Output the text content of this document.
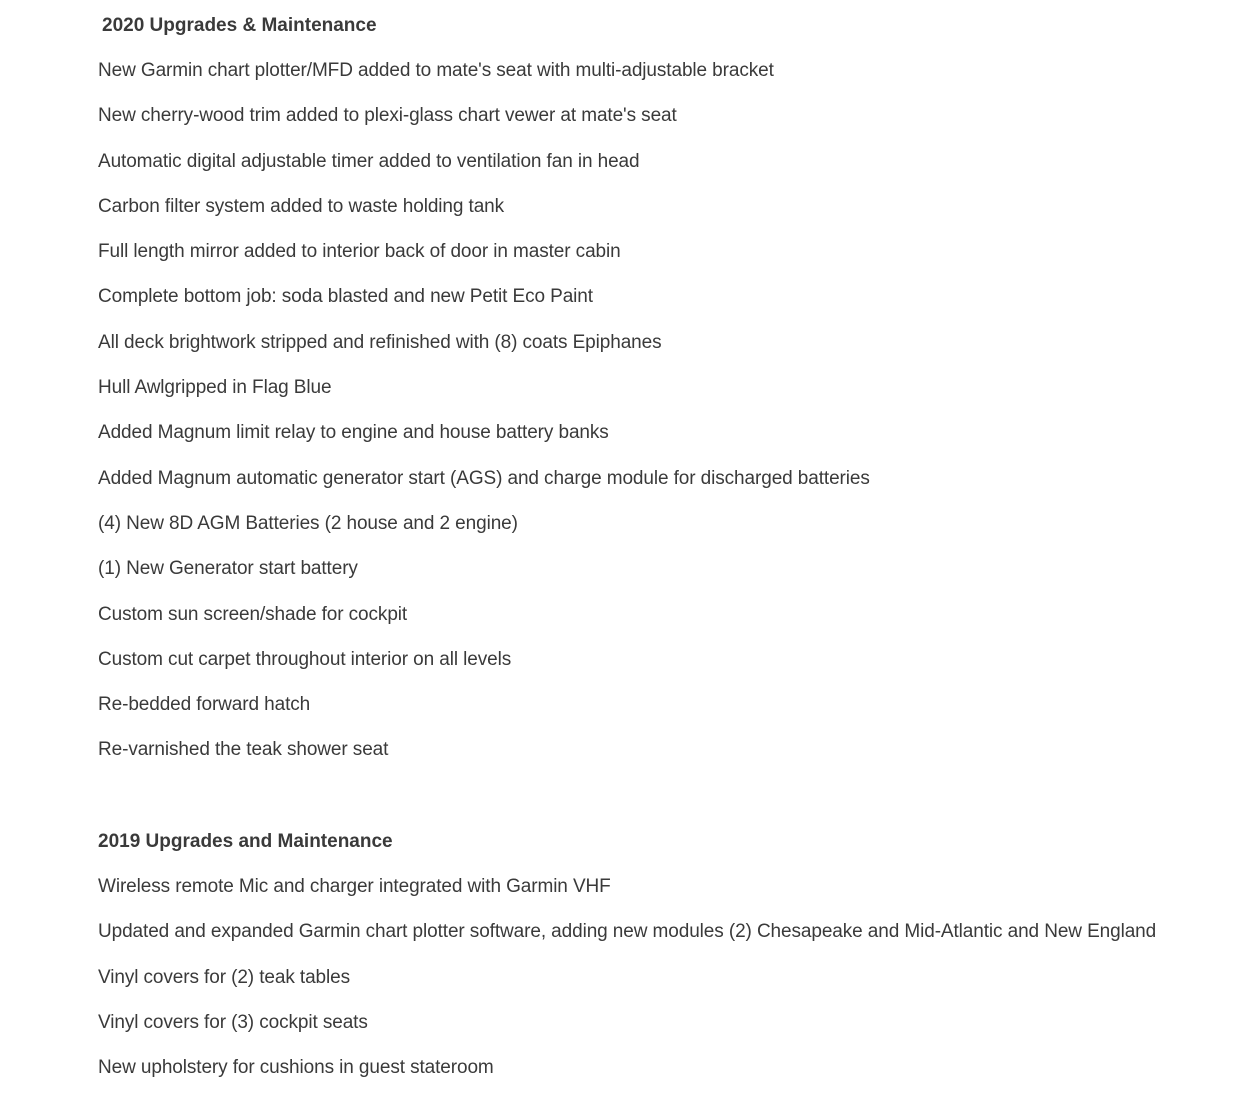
2020 Upgrades & Maintenance
New Garmin chart plotter/MFD added to mate's seat with multi-adjustable bracket
New cherry-wood trim added to plexi-glass chart vewer at mate's seat
Automatic digital adjustable timer added to ventilation fan in head
Carbon filter system added to waste holding tank
Full length mirror added to interior back of door in master cabin
Complete bottom job: soda blasted and new Petit Eco Paint
All deck brightwork stripped and refinished with (8) coats Epiphanes
Hull Awlgripped in Flag Blue
Added Magnum limit relay to engine and house battery banks
Added Magnum automatic generator start (AGS) and charge module for discharged batteries
(4) New 8D AGM Batteries (2 house and 2 engine)
(1) New Generator start battery
Custom sun screen/shade for cockpit
Custom cut carpet throughout interior on all levels
Re-bedded forward hatch
Re-varnished the teak shower seat
2019 Upgrades and Maintenance
Wireless remote Mic and charger integrated with Garmin VHF
Updated and expanded Garmin chart plotter software, adding new modules (2) Chesapeake and Mid-Atlantic and New England
Vinyl covers for (2) teak tables
Vinyl covers for (3) cockpit seats
New upholstery for cushions in guest stateroom
